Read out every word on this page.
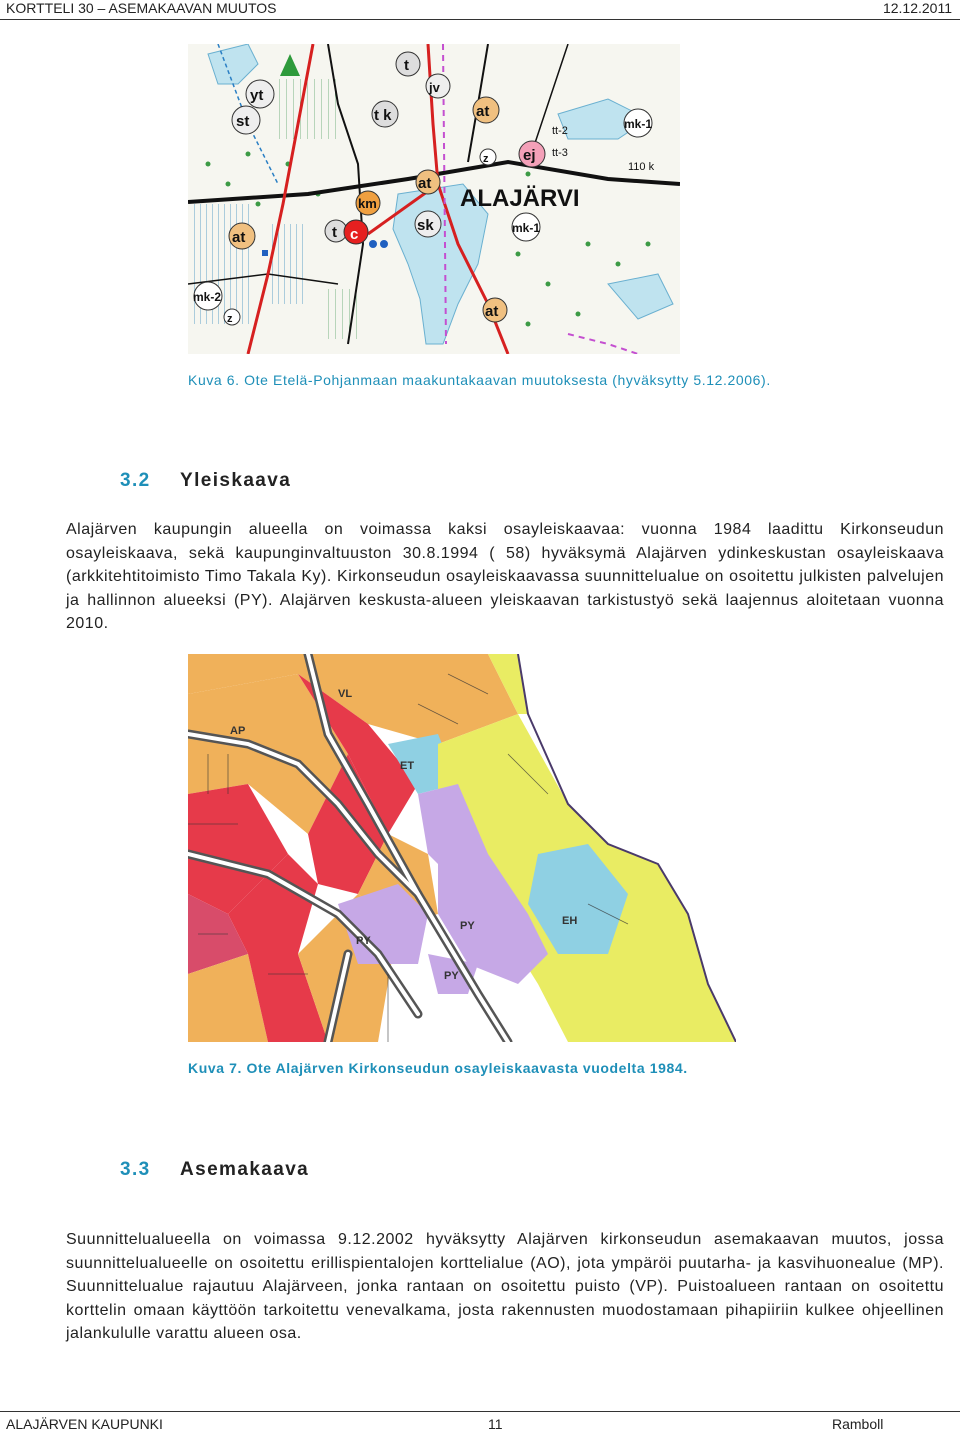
KORTTELI 30 – ASEMAKAAVAN MUUTOS	12.12.2011
yt
st
t
t k
jv
at
tt-2
tt-3
mk-1
ej
z
110 k
km
at
ALAJÄRVI
at	t c
sk	mk-1
mk-2
z	at
Kuva 6. Ote Etelä-Pohjanmaan maakuntakaavan muutoksesta (hyväksytty 5.12.2006).
3.2 Yleiskaava
Alajärven kaupungin alueella on voimassa kaksi osayleiskaavaa: vuonna 1984 laadittu Kirkonseudun osayleiskaava, sekä kaupunginvaltuuston 30.8.1994 ( 58) hyväksymä Alajärven ydinkeskustan osayleiskaava (arkkitehtitoimisto Timo Takala Ky). Kirkonseudun osayleiskaavassa suunnittelualue on osoitettu julkisten palvelujen ja hallinnon alueeksi (PY). Alajärven keskusta-alueen yleiskaavan tarkistustyö sekä laajennus aloitetaan vuonna 2010.
VL
AP
ET
PY
PY
PY
EH
Kuva 7. Ote Alajärven Kirkonseudun osayleiskaavasta vuodelta 1984.
3.3 Asemakaava
Suunnittelualueella on voimassa 9.12.2002 hyväksytty Alajärven kirkonseudun asemakaavan muutos, jossa suunnittelualueelle on osoitettu erillispientalojen korttelialue (AO), jota ympäröi puutarha- ja kasvihuonealue (MP). Suunnittelualue rajautuu Alajärveen, jonka rantaan on osoitettu puisto (VP). Puistoalueen rantaan on osoitettu korttelin omaan käyttöön tarkoitettu venevalkama, josta rakennusten muodostamaan pihapiiriin kulkee ohjeellinen jalankululle varattu alueen osa.
ALAJÄRVEN KAUPUNKI	11	Ramboll
